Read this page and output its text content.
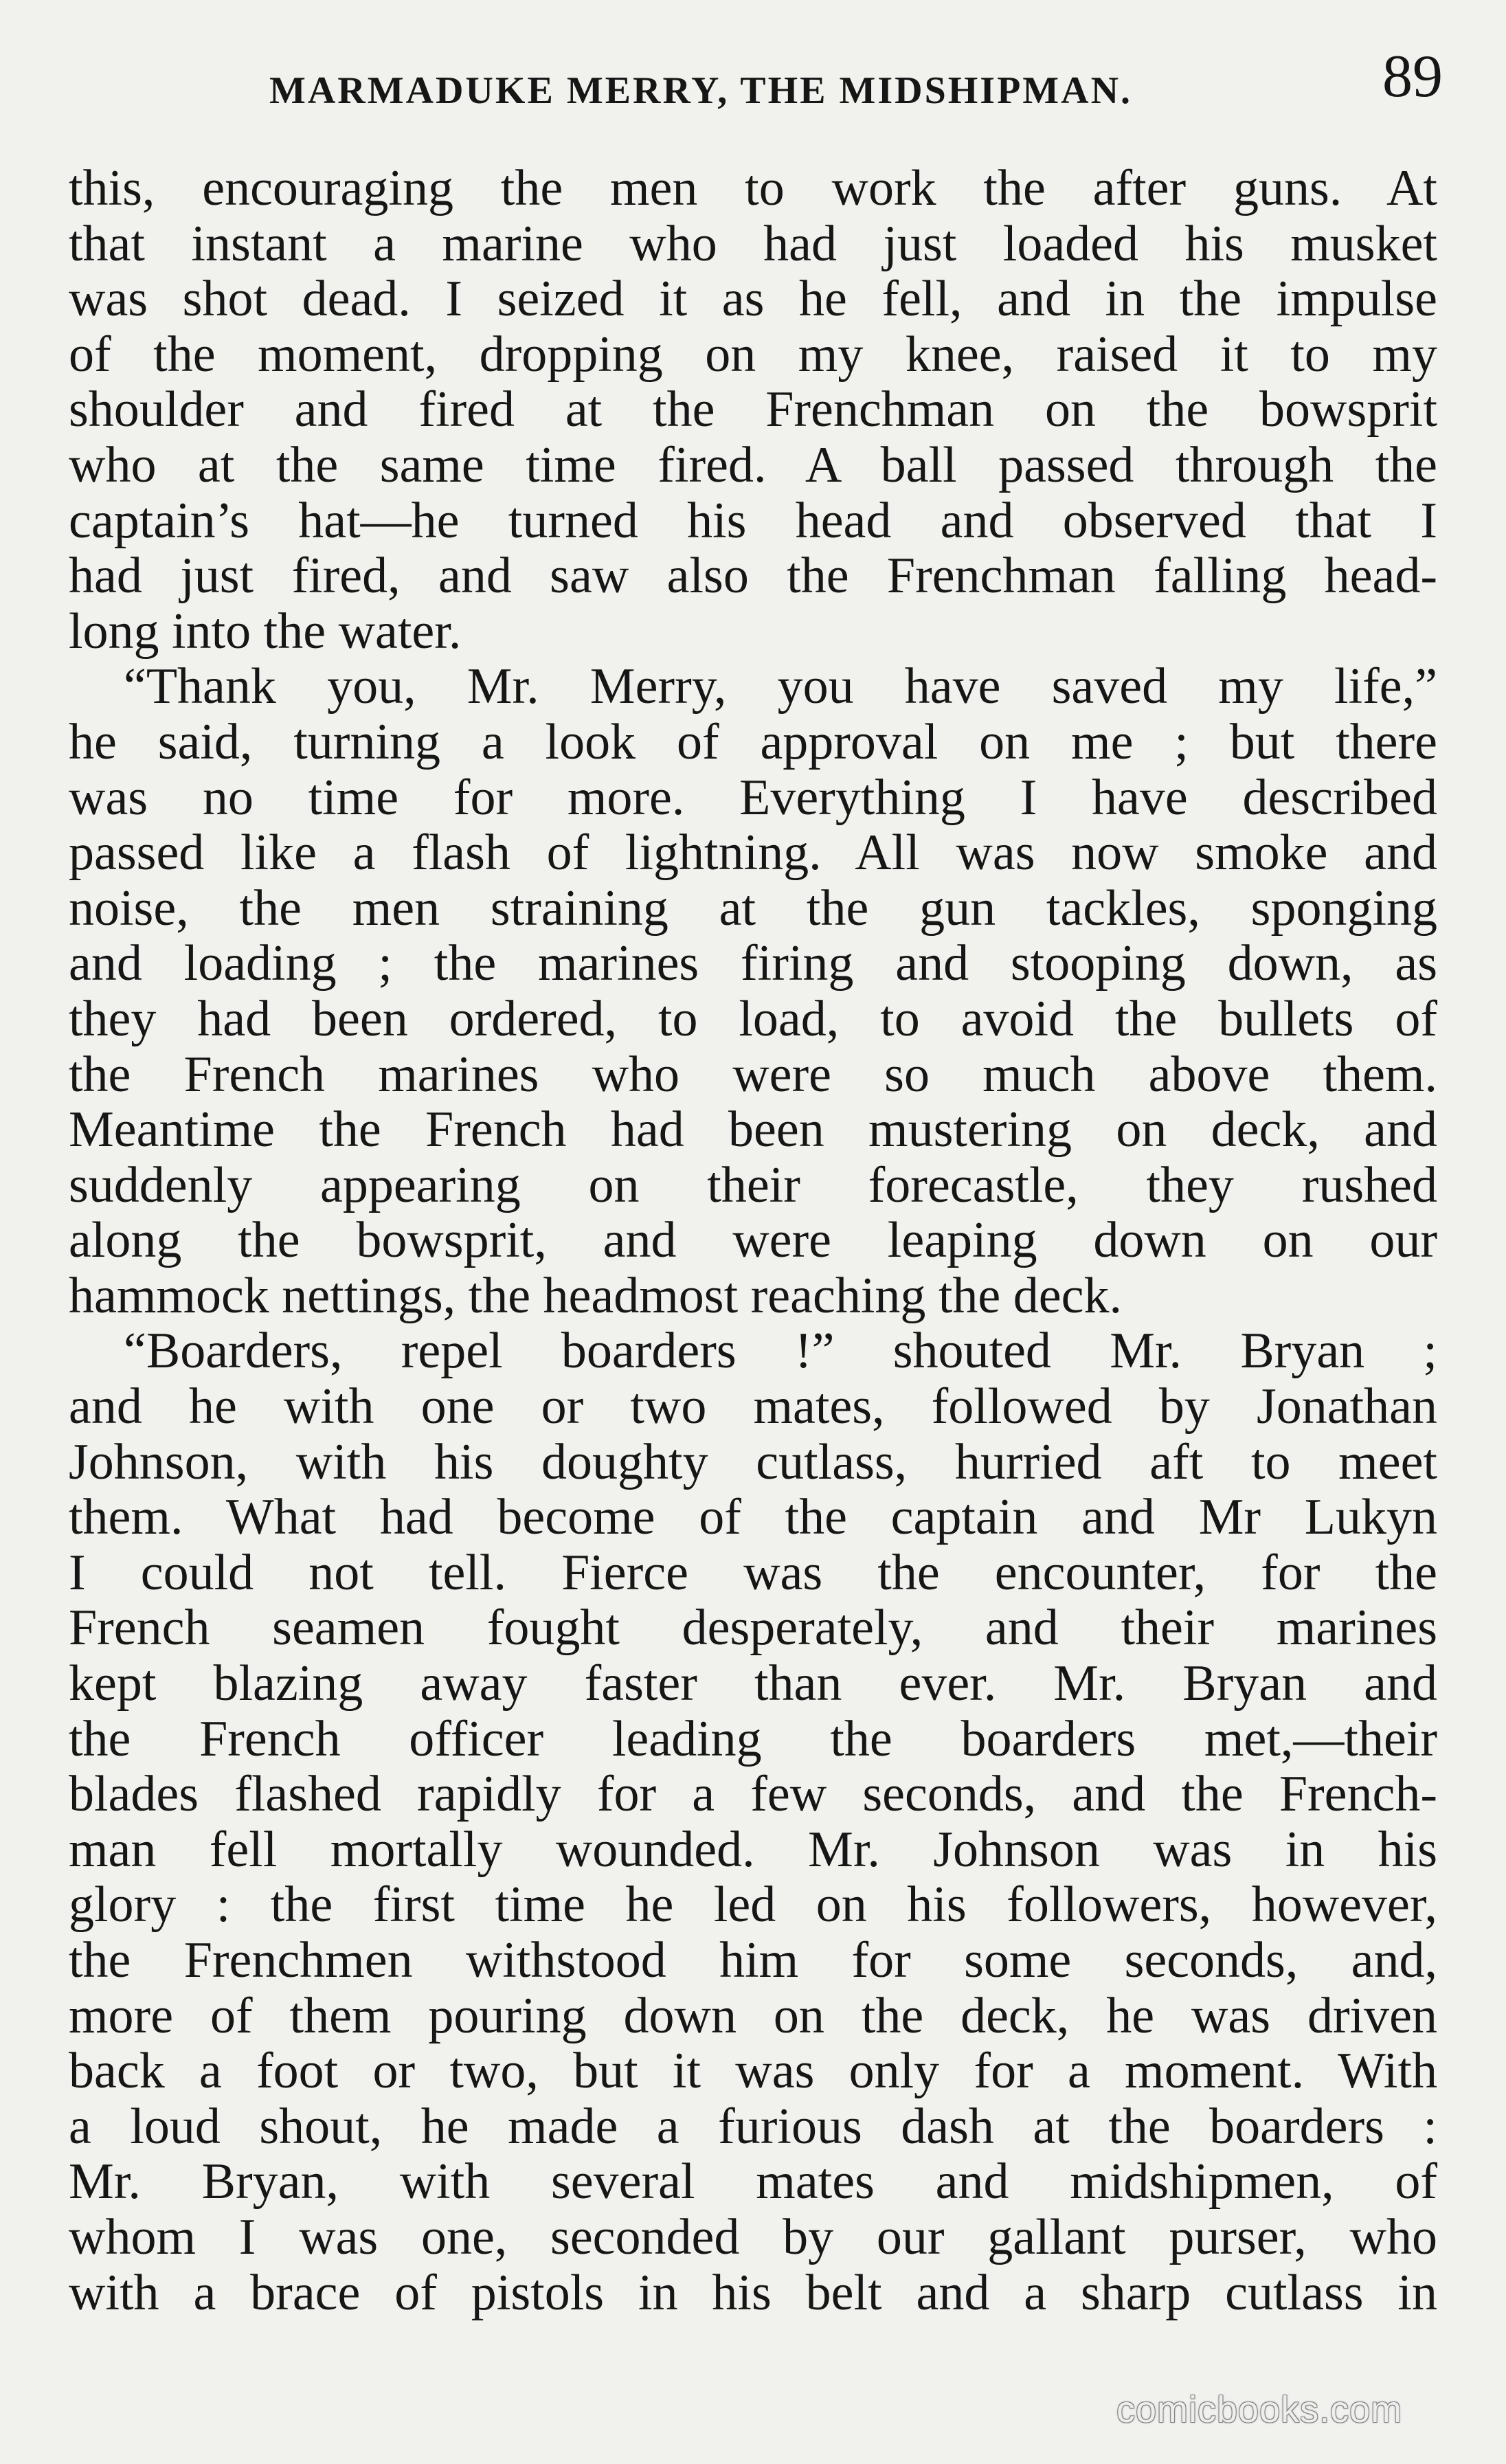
MARMADUKE MERRY, THE MIDSHIPMAN.	89
this, encouraging the men to work the after guns. At
that instant a marine who had just loaded his musket
was shot dead. I seized it as he fell, and in the impulse
of the moment, dropping on my knee, raised it to my
shoulder and fired at the Frenchman on the bowsprit
who at the same time fired. A ball passed through the
captain’s hat—he turned his head and observed that I
had just fired, and saw also the Frenchman falling head-
long into the water.
“Thank you, Mr. Merry, you have saved my life,”
he said, turning a look of approval on me ; but there
was no time for more. Everything I have described
passed like a flash of lightning. All was now smoke and
noise, the men straining at the gun tackles, sponging
and loading ; the marines firing and stooping down, as
they had been ordered, to load, to avoid the bullets of
the French marines who were so much above them.
Meantime the French had been mustering on deck, and
suddenly appearing on their forecastle, they rushed
along the bowsprit, and were leaping down on our
hammock nettings, the headmost reaching the deck.
“Boarders, repel boarders !” shouted Mr. Bryan ;
and he with one or two mates, followed by Jonathan
Johnson, with his doughty cutlass, hurried aft to meet
them. What had become of the captain and Mr Lukyn
I could not tell. Fierce was the encounter, for the
French seamen fought desperately, and their marines
kept blazing away faster than ever. Mr. Bryan and
the French officer leading the boarders met,—their
blades flashed rapidly for a few seconds, and the French-
man fell mortally wounded. Mr. Johnson was in his
glory : the first time he led on his followers, however,
the Frenchmen withstood him for some seconds, and,
more of them pouring down on the deck, he was driven
back a foot or two, but it was only for a moment. With
a loud shout, he made a furious dash at the boarders :
Mr. Bryan, with several mates and midshipmen, of
whom I was one, seconded by our gallant purser, who
with a brace of pistols in his belt and a sharp cutlass in
comicbooks.com
